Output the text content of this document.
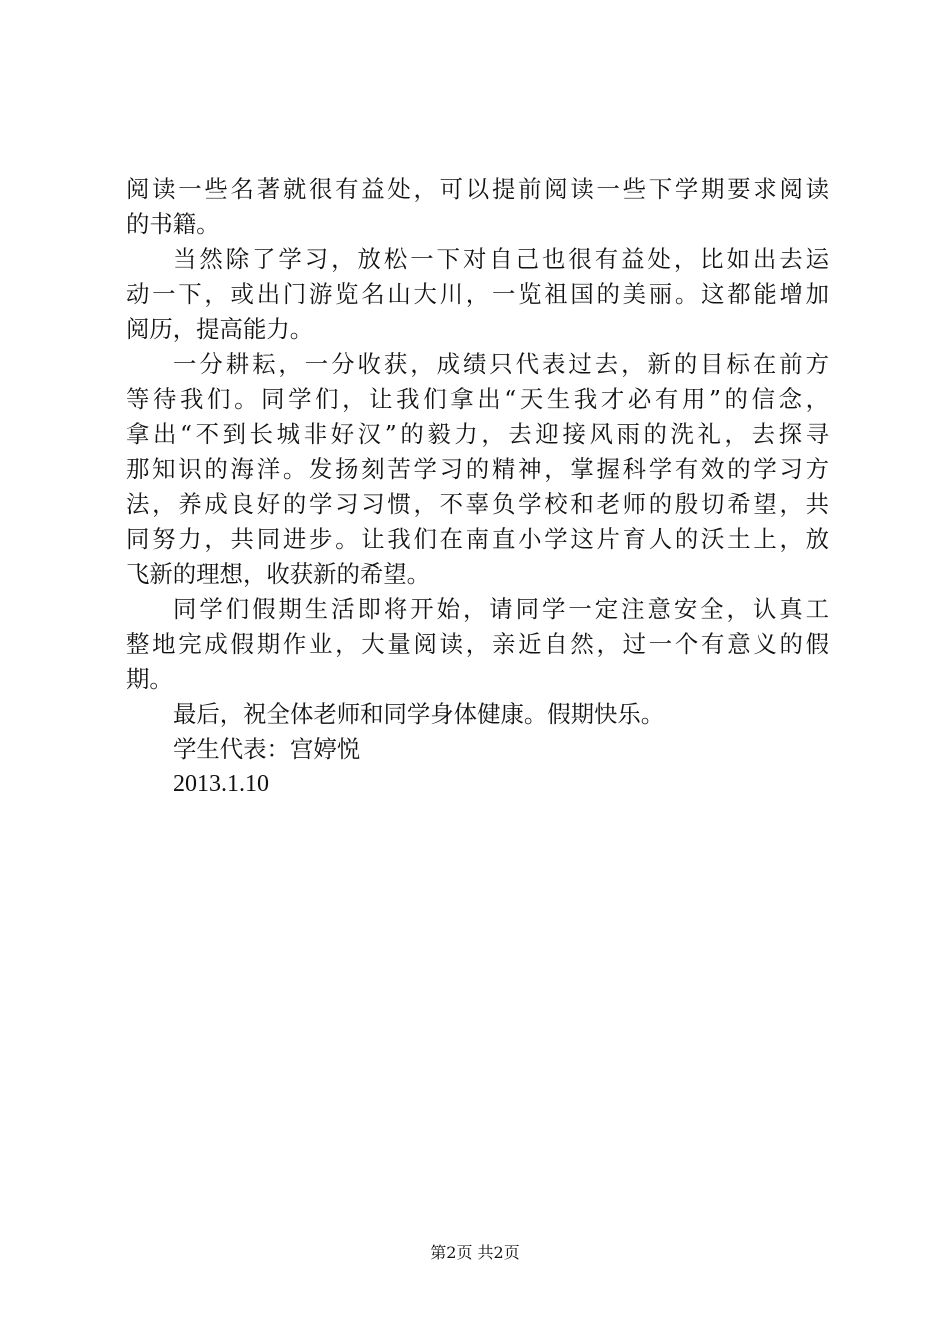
阅读一些名著就很有益处，可以提前阅读一些下学期要求阅读
的书籍。
当然除了学习，放松一下对自己也很有益处，比如出去运
动一下，或出门游览名山大川，一览祖国的美丽。这都能增加
阅历，提高能力。
一分耕耘，一分收获，成绩只代表过去，新的目标在前方
等待我们。同学们，让我们拿出“天生我才必有用”的信念，
拿出“不到长城非好汉”的毅力，去迎接风雨的洗礼，去探寻
那知识的海洋。发扬刻苦学习的精神，掌握科学有效的学习方
法，养成良好的学习习惯，不辜负学校和老师的殷切希望，共
同努力，共同进步。让我们在南直小学这片育人的沃土上，放
飞新的理想，收获新的希望。
同学们假期生活即将开始，请同学一定注意安全，认真工
整地完成假期作业，大量阅读，亲近自然，过一个有意义的假
期。
最后，祝全体老师和同学身体健康。假期快乐。
学生代表：宫婷悦
2013.1.10
第2页 共2页
